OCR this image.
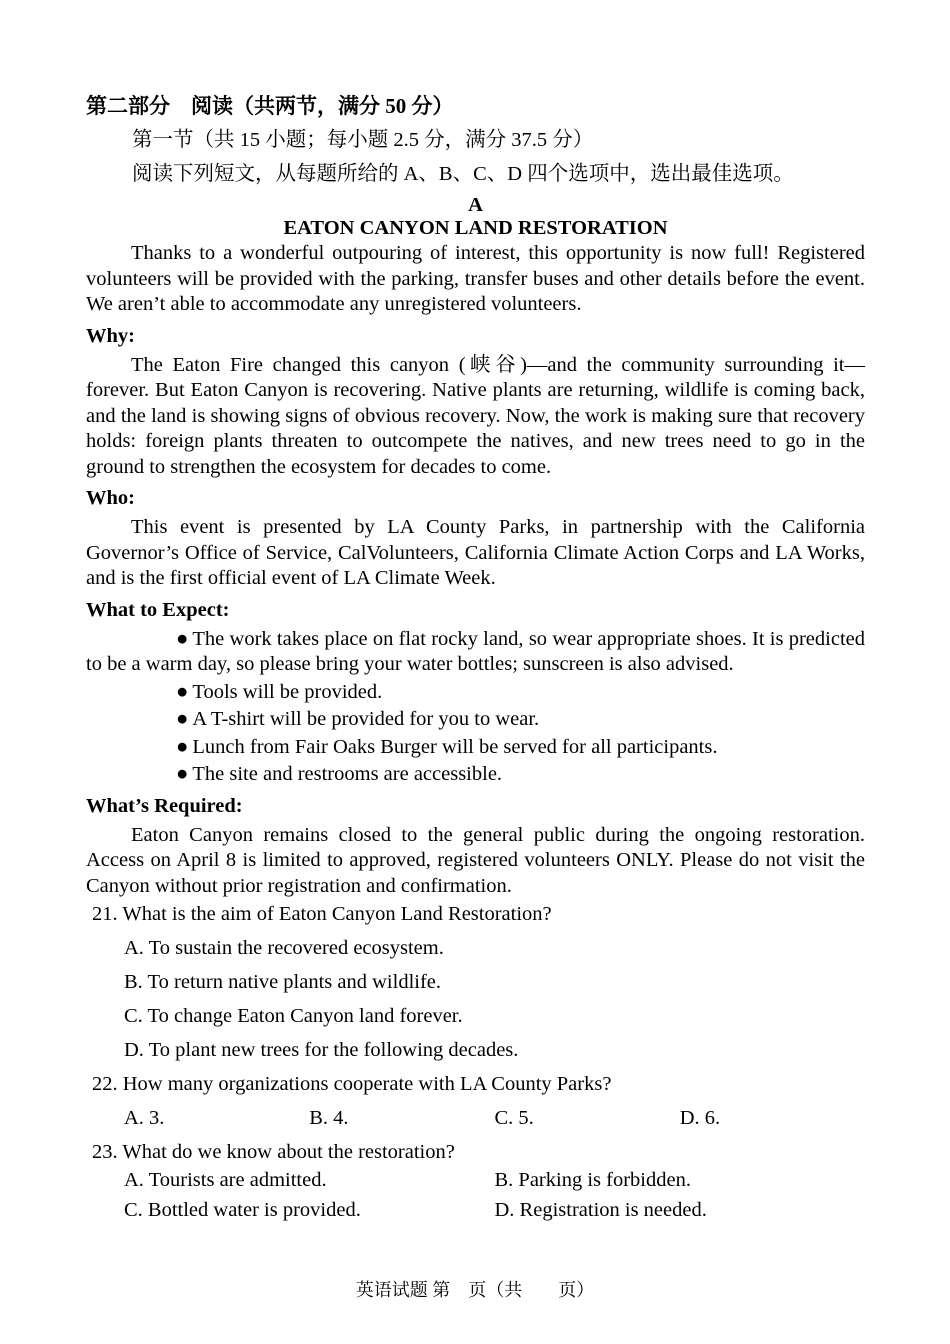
第二部分　阅读（共两节，满分 50 分）
第一节（共 15 小题；每小题 2.5 分，满分 37.5 分）
阅读下列短文，从每题所给的 A、B、C、D 四个选项中，选出最佳选项。
A
EATON CANYON LAND RESTORATION

Thanks to a wonderful outpouring of interest, this opportunity is now full! Registered volunteers will be provided with the parking, transfer buses and other details before the event. We aren’t able to accommodate any unregistered volunteers.

Why:

The Eaton Fire changed this canyon (峡谷)—and the community surrounding it—forever. But Eaton Canyon is recovering. Native plants are returning, wildlife is coming back, and the land is showing signs of obvious recovery. Now, the work is making sure that recovery holds: foreign plants threaten to outcompete the natives, and new trees need to go in the ground to strengthen the ecosystem for decades to come.

Who:

This event is presented by LA County Parks, in partnership with the California Governor’s Office of Service, CalVolunteers, California Climate Action Corps and LA Works, and is the first official event of LA Climate Week.

What to Expect:

● The work takes place on flat rocky land, so wear appropriate shoes. It is predicted to be a warm day, so please bring your water bottles; sunscreen is also advised.

● Tools will be provided.

● A T-shirt will be provided for you to wear.

● Lunch from Fair Oaks Burger will be served for all participants.

● The site and restrooms are accessible.

What’s Required:

Eaton Canyon remains closed to the general public during the ongoing restoration. Access on April 8 is limited to approved, registered volunteers ONLY. Please do not visit the Canyon without prior registration and confirmation.

21. What is the aim of Eaton Canyon Land Restoration?
A. To sustain the recovered ecosystem.
B. To return native plants and wildlife.
C. To change Eaton Canyon land forever.
D. To plant new trees for the following decades.
22. How many organizations cooperate with LA County Parks?
A. 3.	B. 4.	C. 5.	D. 6.
23. What do we know about the restoration?
A. Tourists are admitted.	B. Parking is forbidden.
C. Bottled water is provided.	D. Registration is needed.
英语试题 第　页（共　　页）
